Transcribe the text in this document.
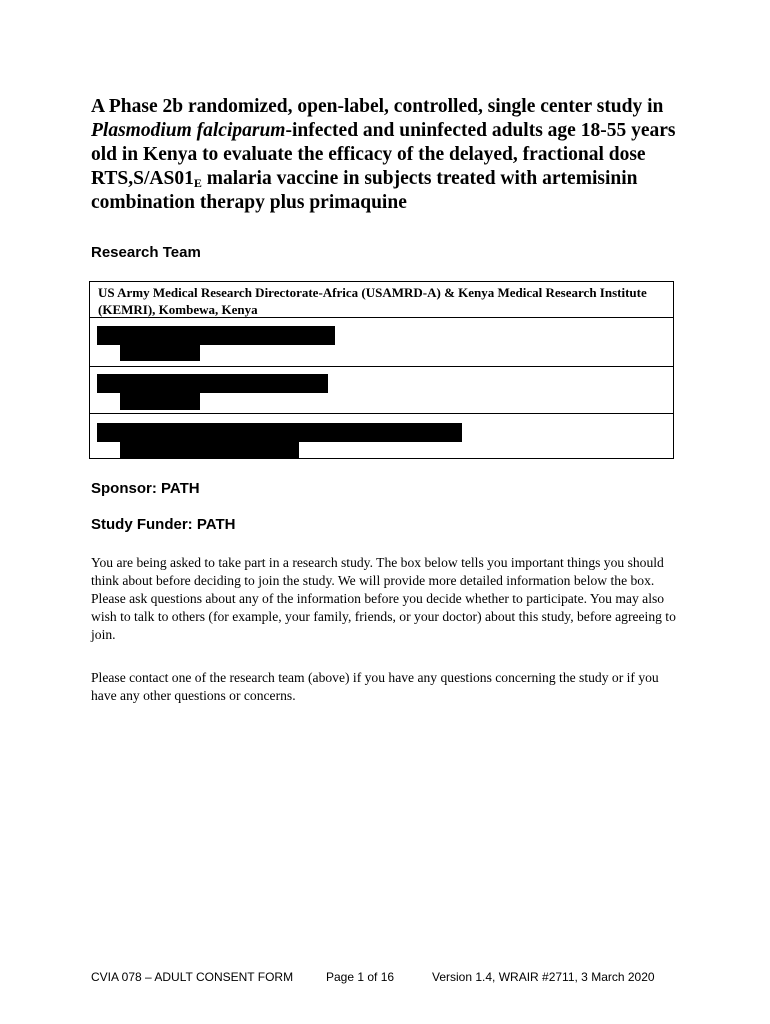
A Phase 2b randomized, open-label, controlled, single center study in Plasmodium falciparum-infected and uninfected adults age 18-55 years old in Kenya to evaluate the efficacy of the delayed, fractional dose $RTS,S/AS01_E$ malaria vaccine in subjects treated with artemisinin combination therapy plus primaquine
Research Team
US Army Medical Research Directorate-Africa (USAMRD-A) & Kenya Medical Research Institute (KEMRI), Kombewa, Kenya
Sponsor: PATH
Study Funder: PATH
You are being asked to take part in a research study. The box below tells you important things you should think about before deciding to join the study. We will provide more detailed information below the box. Please ask questions about any of the information before you decide whether to participate. You may also wish to talk to others (for example, your family, friends, or your doctor) about this study, before agreeing to join.
Please contact one of the research team (above) if you have any questions concerning the study or if you have any other questions or concerns.
CVIA 078 – ADULT CONSENT FORM	Page 1 of 16	Version 1.4, WRAIR #2711, 3 March 2020
